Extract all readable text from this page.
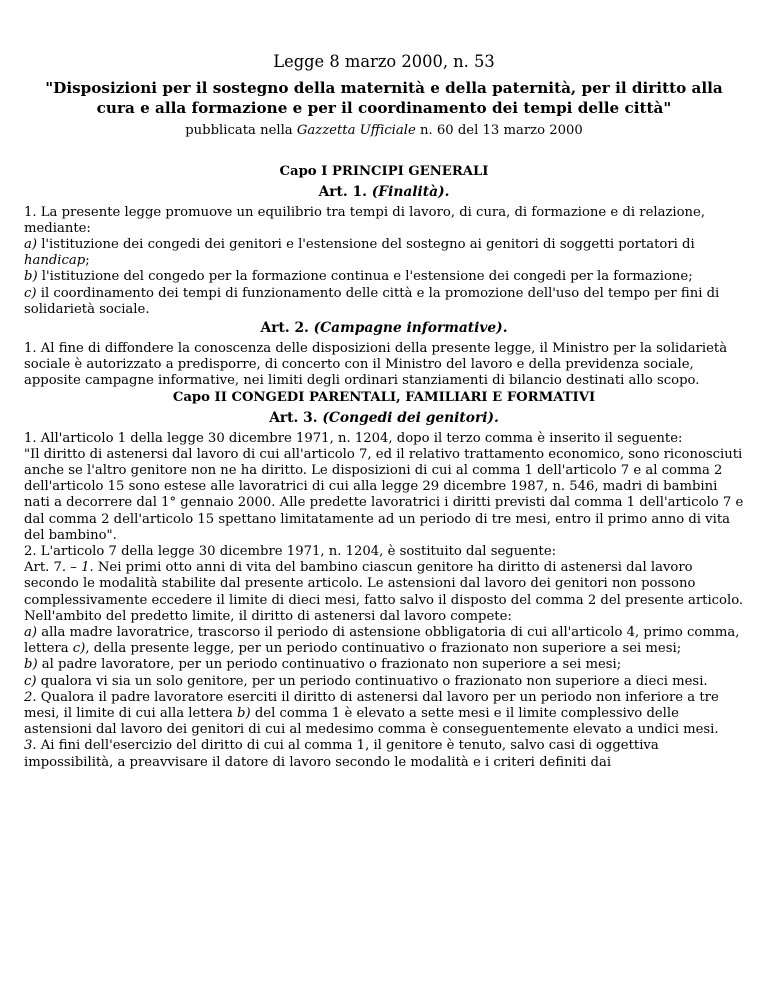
Legge 8 marzo 2000, n. 53
"Disposizioni per il sostegno della maternità e della paternità, per il diritto alla cura e alla formazione e per il coordinamento dei tempi delle città"
pubblicata nella Gazzetta Ufficiale n. 60 del 13 marzo 2000
Capo I PRINCIPI GENERALI
Art. 1. (Finalità).

1. La presente legge promuove un equilibrio tra tempi di lavoro, di cura, di formazione e di relazione, mediante:

a) l'istituzione dei congedi dei genitori e l'estensione del sostegno ai genitori di soggetti portatori di handicap;

b) l'istituzione del congedo per la formazione continua e l'estensione dei congedi per la formazione;

c) il coordinamento dei tempi di funzionamento delle città e la promozione dell'uso del tempo per fini di solidarietà sociale.

Art. 2. (Campagne informative).

1. Al fine di diffondere la conoscenza delle disposizioni della presente legge, il Ministro per la solidarietà sociale è autorizzato a predisporre, di concerto con il Ministro del lavoro e della previdenza sociale, apposite campagne informative, nei limiti degli ordinari stanziamenti di bilancio destinati allo scopo.

Capo II CONGEDI PARENTALI, FAMILIARI E FORMATIVI
Art. 3. (Congedi dei genitori).

1. All'articolo 1 della legge 30 dicembre 1971, n. 1204, dopo il terzo comma è inserito il seguente:

"Il diritto di astenersi dal lavoro di cui all'articolo 7, ed il relativo trattamento economico, sono riconosciuti anche se l'altro genitore non ne ha diritto. Le disposizioni di cui al comma 1 dell'articolo 7 e al comma 2 dell'articolo 15 sono estese alle lavoratrici di cui alla legge 29 dicembre 1987, n. 546, madri di bambini nati a decorrere dal 1° gennaio 2000. Alle predette lavoratrici i diritti previsti dal comma 1 dell'articolo 7 e dal comma 2 dell'articolo 15 spettano limitatamente ad un periodo di tre mesi, entro il primo anno di vita del bambino".

2. L'articolo 7 della legge 30 dicembre 1971, n. 1204, è sostituito dal seguente:

Art. 7. – 1. Nei primi otto anni di vita del bambino ciascun genitore ha diritto di astenersi dal lavoro secondo le modalità stabilite dal presente articolo. Le astensioni dal lavoro dei genitori non possono complessivamente eccedere il limite di dieci mesi, fatto salvo il disposto del comma 2 del presente articolo. Nell'ambito del predetto limite, il diritto di astenersi dal lavoro compete:

a) alla madre lavoratrice, trascorso il periodo di astensione obbligatoria di cui all'articolo 4, primo comma, lettera c), della presente legge, per un periodo continuativo o frazionato non superiore a sei mesi;

b) al padre lavoratore, per un periodo continuativo o frazionato non superiore a sei mesi;

c) qualora vi sia un solo genitore, per un periodo continuativo o frazionato non superiore a dieci mesi.

2. Qualora il padre lavoratore eserciti il diritto di astenersi dal lavoro per un periodo non inferiore a tre mesi, il limite di cui alla lettera b) del comma 1 è elevato a sette mesi e il limite complessivo delle astensioni dal lavoro dei genitori di cui al medesimo comma è conseguentemente elevato a undici mesi.

3. Ai fini dell'esercizio del diritto di cui al comma 1, il genitore è tenuto, salvo casi di oggettiva impossibilità, a preavvisare il datore di lavoro secondo le modalità e i criteri definiti dai
